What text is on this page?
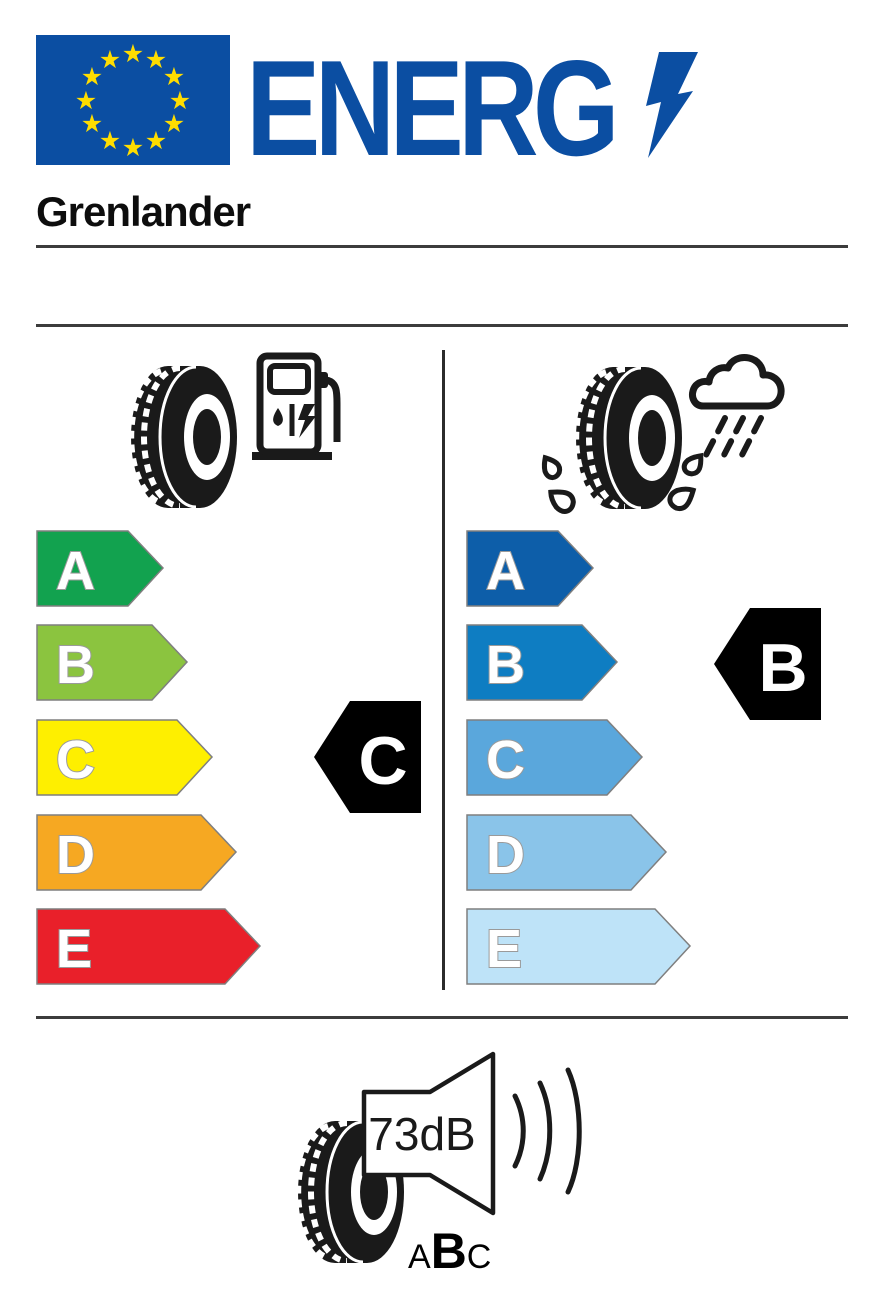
★ ★
★
★
★
★
★
★
★
★
★
★ ENERG
Grenlander
A
B
C
D
E
C
A
B
C
D
E
B
73dB
A B C
